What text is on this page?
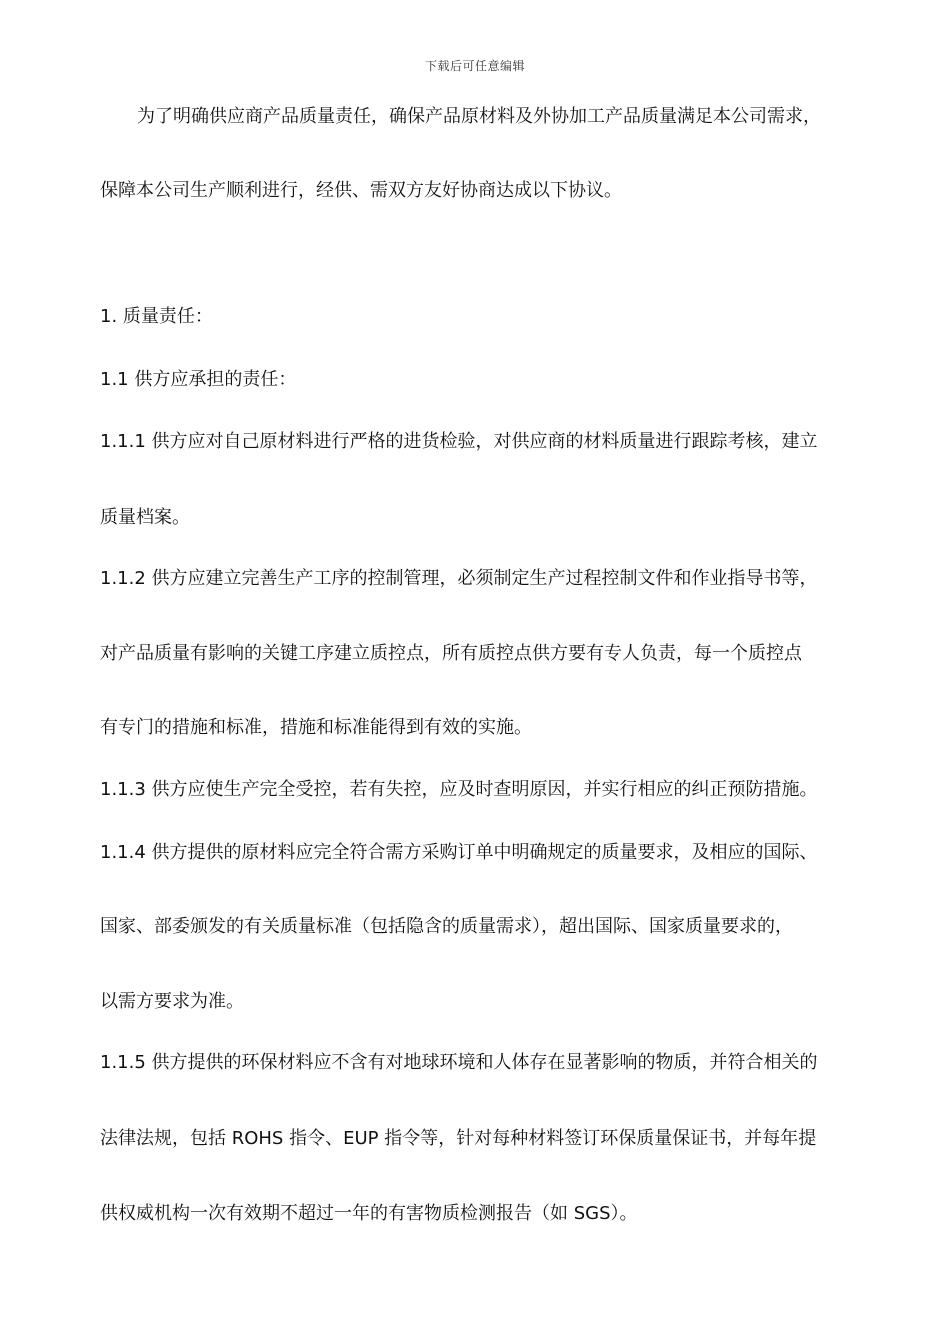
下载后可任意编辑
为了明确供应商产品质量责任，确保产品原材料及外协加工产品质量满足本公司需求，
保障本公司生产顺利进行，经供、需双方友好协商达成以下协议。
1. 质量责任：
1.1 供方应承担的责任：
1.1.1 供方应对自己原材料进行严格的进货检验，对供应商的材料质量进行跟踪考核，建立
质量档案。
1.1.2 供方应建立完善生产工序的控制管理，必须制定生产过程控制文件和作业指导书等，
对产品质量有影响的关键工序建立质控点，所有质控点供方要有专人负责，每一个质控点
有专门的措施和标准，措施和标准能得到有效的实施。
1.1.3 供方应使生产完全受控，若有失控，应及时查明原因，并实行相应的纠正预防措施。
1.1.4 供方提供的原材料应完全符合需方采购订单中明确规定的质量要求，及相应的国际、
国家、部委颁发的有关质量标准（包括隐含的质量需求），超出国际、国家质量要求的，
以需方要求为准。
1.1.5 供方提供的环保材料应不含有对地球环境和人体存在显著影响的物质，并符合相关的
法律法规，包括 ROHS 指令、EUP 指令等，针对每种材料签订环保质量保证书，并每年提
供权威机构一次有效期不超过一年的有害物质检测报告（如 SGS）。
